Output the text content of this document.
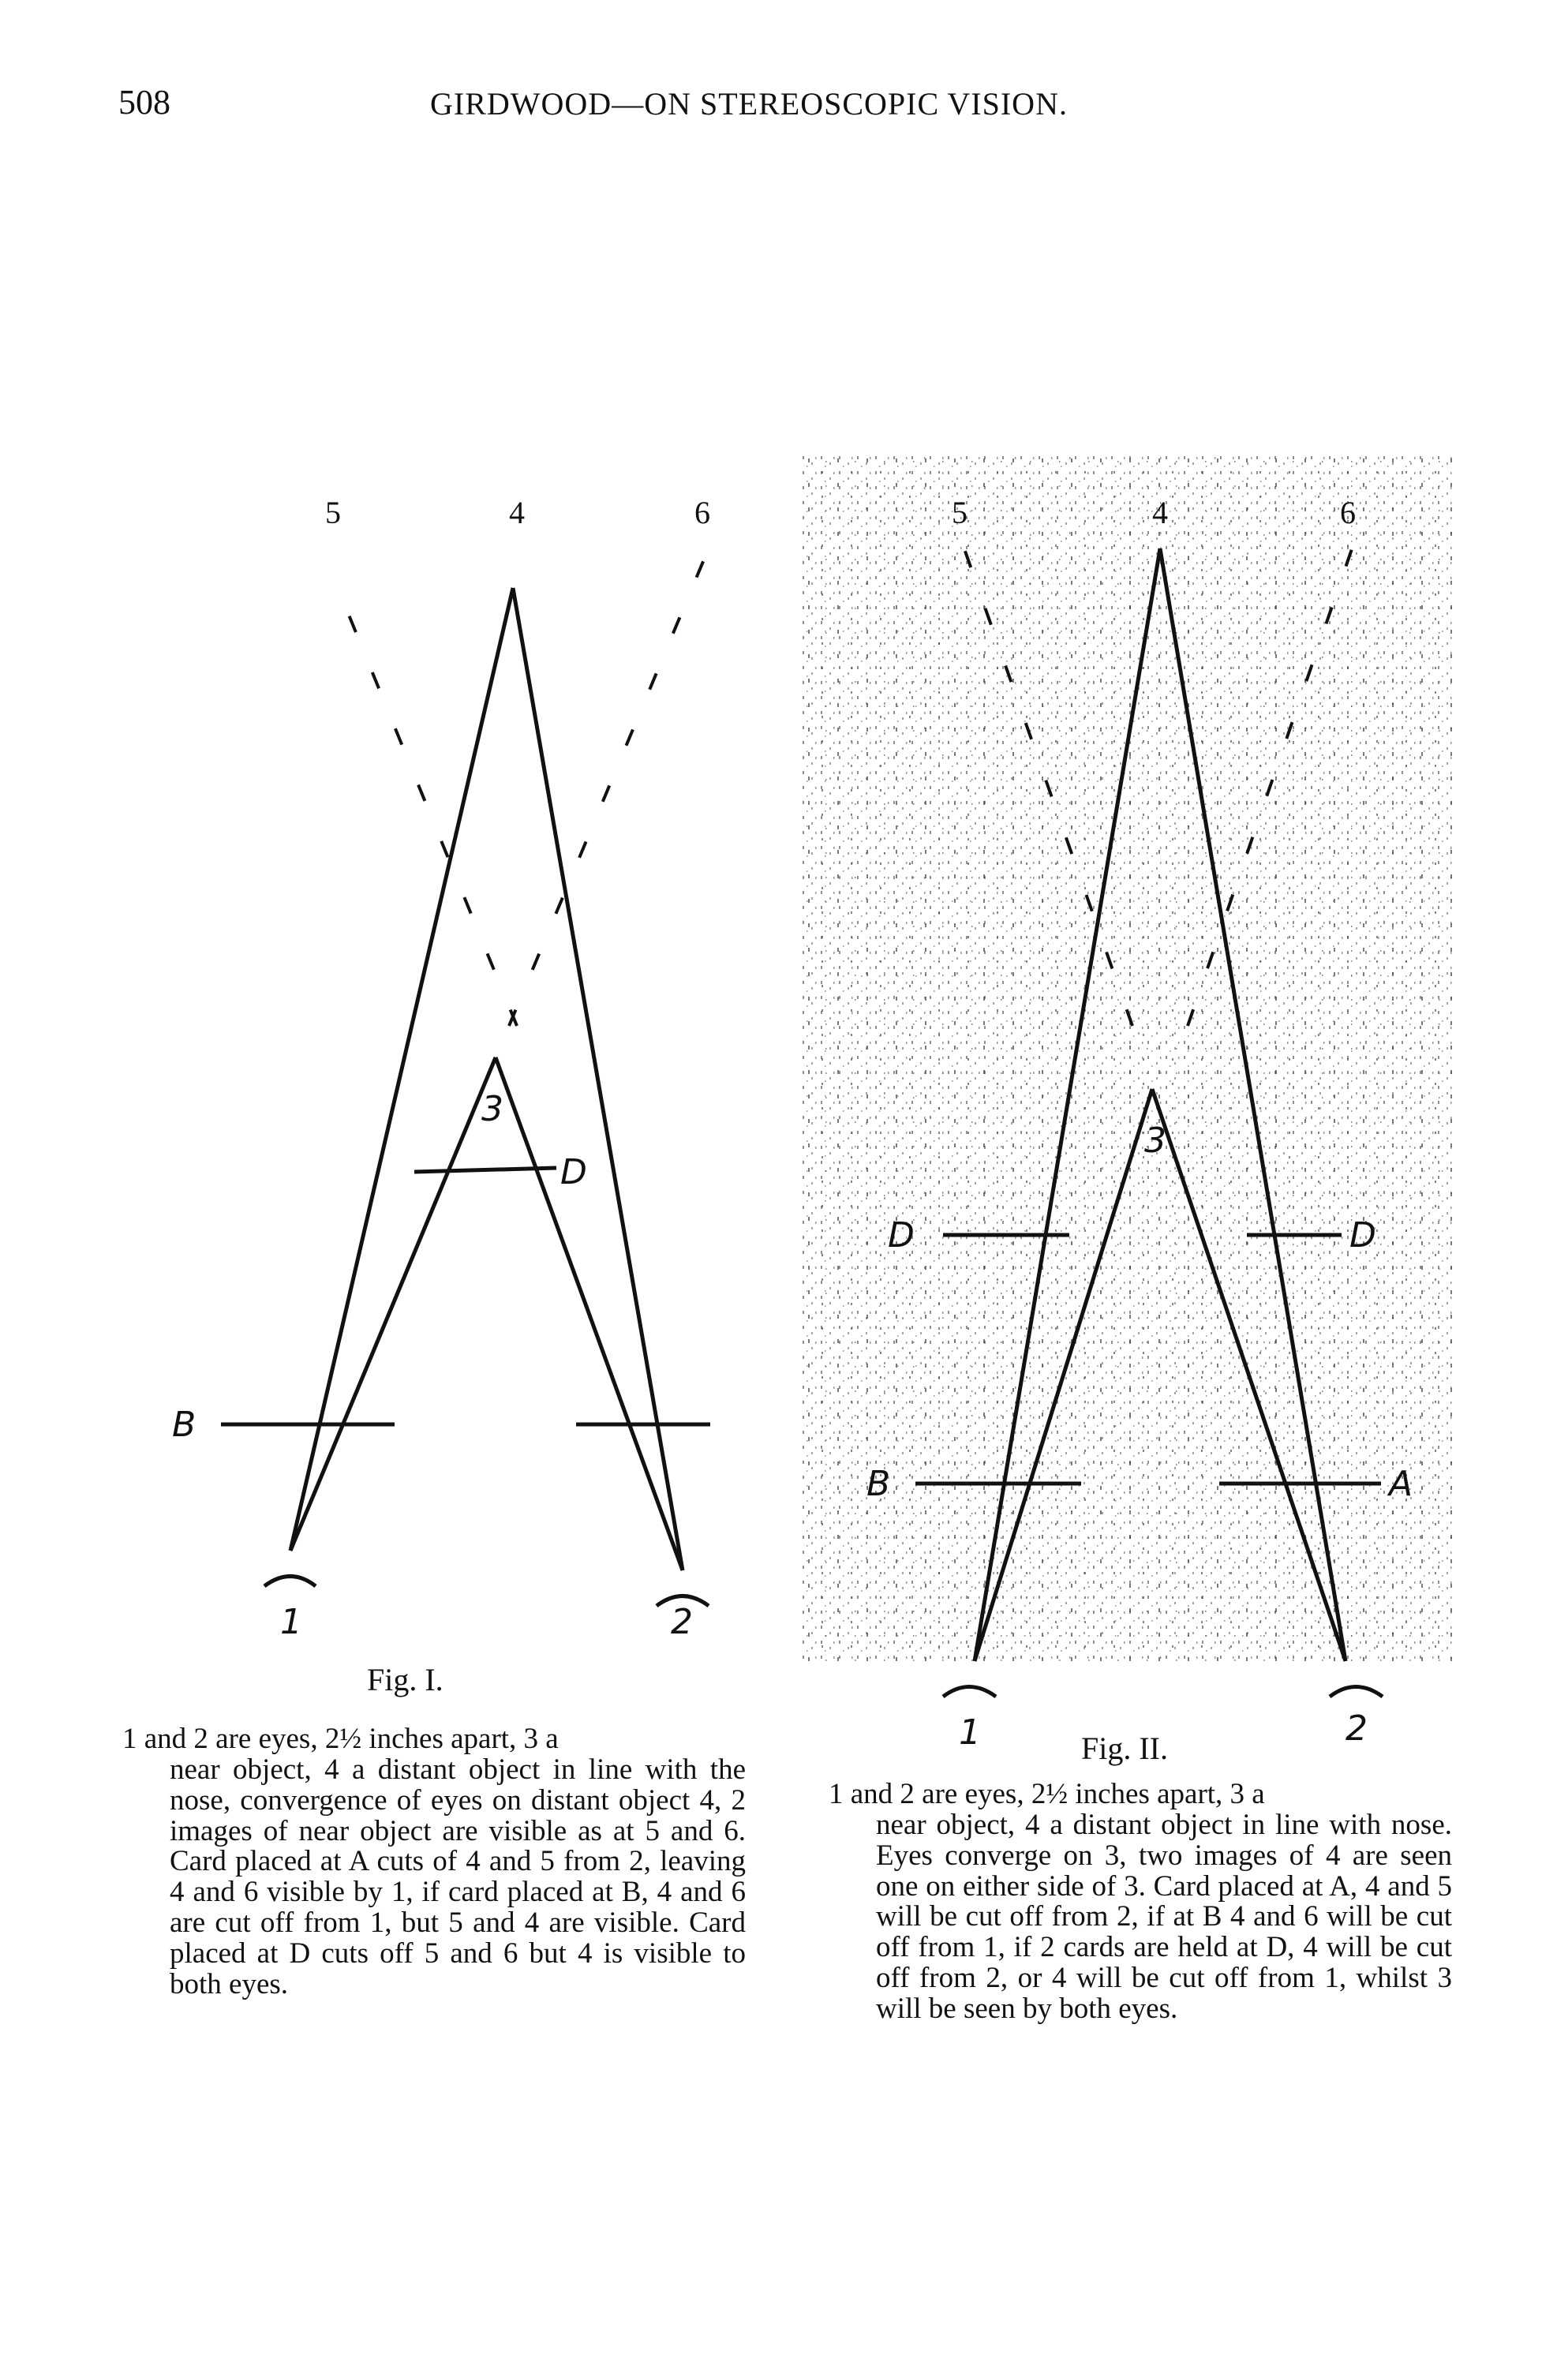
508	GIRDWOOD—ON STEREOSCOPIC VISION.
5	4	6
3
D
B
1	2
5	4	6
3
D	D
B	A
1	2
Fig. I.

1 and 2 are eyes, 2½ inches apart, 3 a

near object, 4 a distant object in line with the nose, convergence of eyes on distant object 4, 2 images of near object are visible as at 5 and 6. Card placed at A cuts of 4 and 5 from 2, leaving 4 and 6 visible by 1, if card placed at B, 4 and 6 are cut off from 1, but 5 and 4 are visible. Card placed at D cuts off 5 and 6 but 4 is visible to both eyes.

Fig. II.

1 and 2 are eyes, 2½ inches apart, 3 a

near object, 4 a distant object in line with nose. Eyes converge on 3, two images of 4 are seen one on either side of 3. Card placed at A, 4 and 5 will be cut off from 2, if at B 4 and 6 will be cut off from 1, if 2 cards are held at D, 4 will be cut off from 2, or 4 will be cut off from 1, whilst 3 will be seen by both eyes.
